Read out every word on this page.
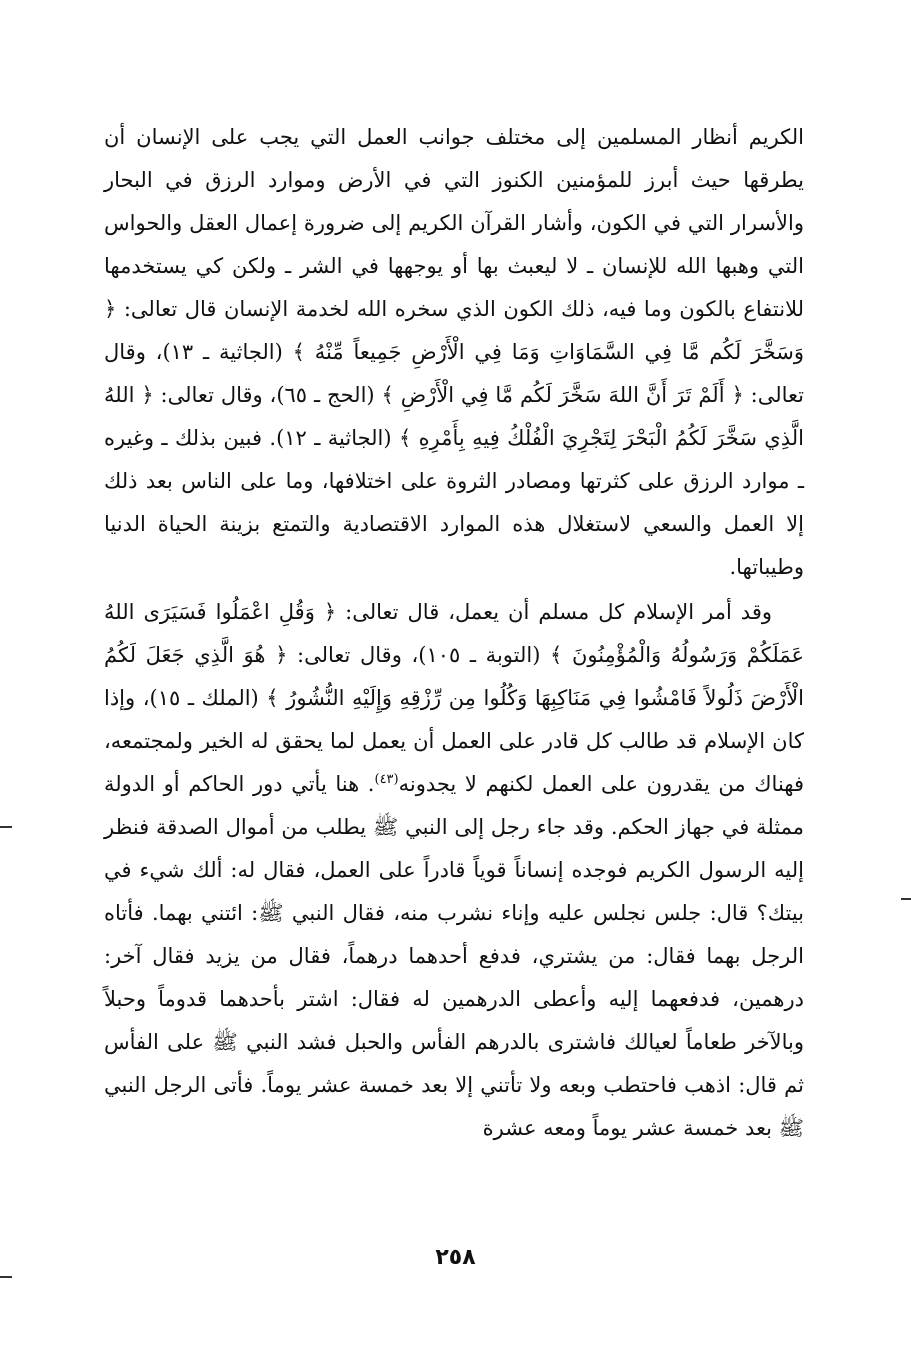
الكريم أنظار المسلمين إلى مختلف جوانب العمل التي يجب على الإنسان أن يطرقها حيث أبرز للمؤمنين الكنوز التي في الأرض وموارد الرزق في البحار والأسرار التي في الكون، وأشار القرآن الكريم إلى ضرورة إعمال العقل والحواس التي وهبها الله للإنسان ـ لا ليعبث بها أو يوجهها في الشر ـ ولكن كي يستخدمها للانتفاع بالكون وما فيه، ذلك الكون الذي سخره الله لخدمة الإنسان قال تعالى: ﴿ وَسَخَّرَ لَكُم مَّا فِي السَّمَاوَاتِ وَمَا فِي الْأَرْضِ جَمِيعاً مِّنْهُ ﴾ (الجاثية ـ ١٣)، وقال تعالى: ﴿ أَلَمْ تَرَ أَنَّ اللهَ سَخَّرَ لَكُم مَّا فِي الْأَرْضِ ﴾ (الحج ـ ٦٥)، وقال تعالى: ﴿ اللهُ الَّذِي سَخَّرَ لَكُمُ الْبَحْرَ لِتَجْرِيَ الْفُلْكُ فِيهِ بِأَمْرِهِ ﴾ (الجاثية ـ ١٢). فبين بذلك ـ وغيره ـ موارد الرزق على كثرتها ومصادر الثروة على اختلافها، وما على الناس بعد ذلك إلا العمل والسعي لاستغلال هذه الموارد الاقتصادية والتمتع بزينة الحياة الدنيا وطيباتها.

وقد أمر الإسلام كل مسلم أن يعمل، قال تعالى: ﴿ وَقُلِ اعْمَلُوا فَسَيَرَى اللهُ عَمَلَكُمْ وَرَسُولُهُ وَالْمُؤْمِنُونَ ﴾ (التوبة ـ ١٠٥)، وقال تعالى: ﴿ هُوَ الَّذِي جَعَلَ لَكُمُ الْأَرْضَ ذَلُولاً فَامْشُوا فِي مَنَاكِبِهَا وَكُلُوا مِن رِّزْقِهِ وَإِلَيْهِ النُّشُورُ ﴾ (الملك ـ ١٥)، وإذا كان الإسلام قد طالب كل قادر على العمل أن يعمل لما يحقق له الخير ولمجتمعه، فهناك من يقدرون على العمل لكنهم لا يجدونه$^{(٤٣)}$. هنا يأتي دور الحاكم أو الدولة ممثلة في جهاز الحكم. وقد جاء رجل إلى النبي ﷺ يطلب من أموال الصدقة فنظر إليه الرسول الكريم فوجده إنساناً قوياً قادراً على العمل، فقال له: ألك شيء في بيتك؟ قال: جلس نجلس عليه وإناء نشرب منه، فقال النبي ﷺ: ائتني بهما. فأتاه الرجل بهما فقال: من يشتري، فدفع أحدهما درهماً، فقال من يزيد فقال آخر: درهمين، فدفعهما إليه وأعطى الدرهمين له فقال: اشتر بأحدهما قدوماً وحبلاً وبالآخر طعاماً لعيالك فاشترى بالدرهم الفأس والحبل فشد النبي ﷺ على الفأس ثم قال: اذهب فاحتطب وبعه ولا تأتني إلا بعد خمسة عشر يوماً. فأتى الرجل النبي ﷺ بعد خمسة عشر يوماً ومعه عشرة

٢٥٨
